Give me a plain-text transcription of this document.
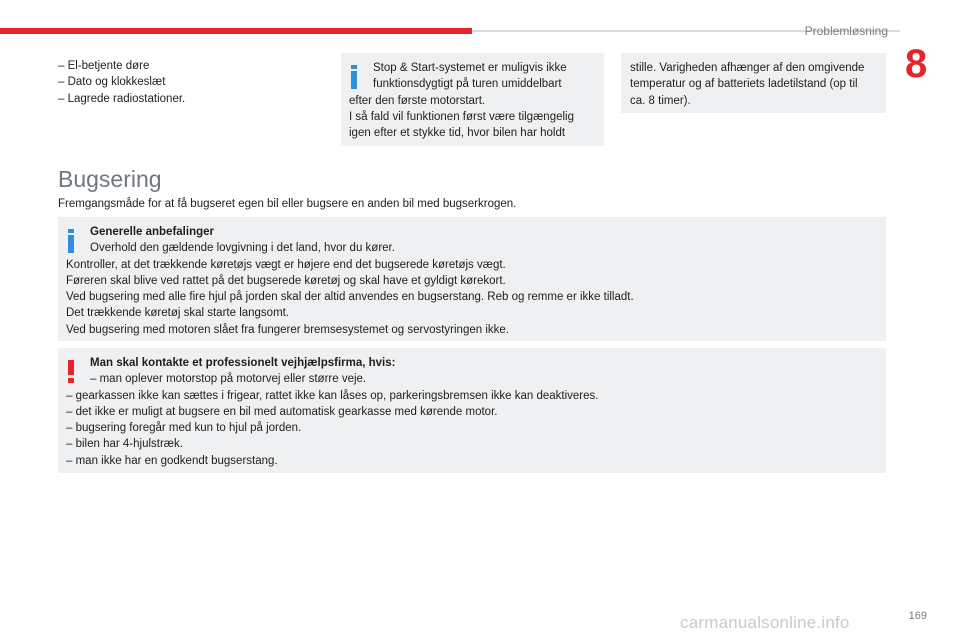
Problemløsning
8
– El-betjente døre
– Dato og klokkeslæt
– Lagrede radiostationer.
Stop & Start-systemet er muligvis ikke
funktionsdygtigt på turen umiddelbart
efter den første motorstart.
I så fald vil funktionen først være tilgængelig
igen efter et stykke tid, hvor bilen har holdt
stille. Varigheden afhænger af den omgivende
temperatur og af batteriets ladetilstand (op til
ca. 8 timer).
Bugsering
Fremgangsmåde for at få bugseret egen bil eller bugsere en anden bil med bugserkrogen.
Generelle anbefalinger
Overhold den gældende lovgivning i det land, hvor du kører.
Kontroller, at det trækkende køretøjs vægt er højere end det bugserede køretøjs vægt.
Føreren skal blive ved rattet på det bugserede køretøj og skal have et gyldigt kørekort.
Ved bugsering med alle fire hjul på jorden skal der altid anvendes en bugserstang. Reb og remme er ikke tilladt.
Det trækkende køretøj skal starte langsomt.
Ved bugsering med motoren slået fra fungerer bremsesystemet og servostyringen ikke.
Man skal kontakte et professionelt vejhjælpsfirma, hvis:
– man oplever motorstop på motorvej eller større veje.
– gearkassen ikke kan sættes i frigear, rattet ikke kan låses op, parkeringsbremsen ikke kan deaktiveres.
– det ikke er muligt at bugsere en bil med automatisk gearkasse med kørende motor.
– bugsering foregår med kun to hjul på jorden.
– bilen har 4-hjulstræk.
– man ikke har en godkendt bugserstang.
carmanualsonline.info	169
